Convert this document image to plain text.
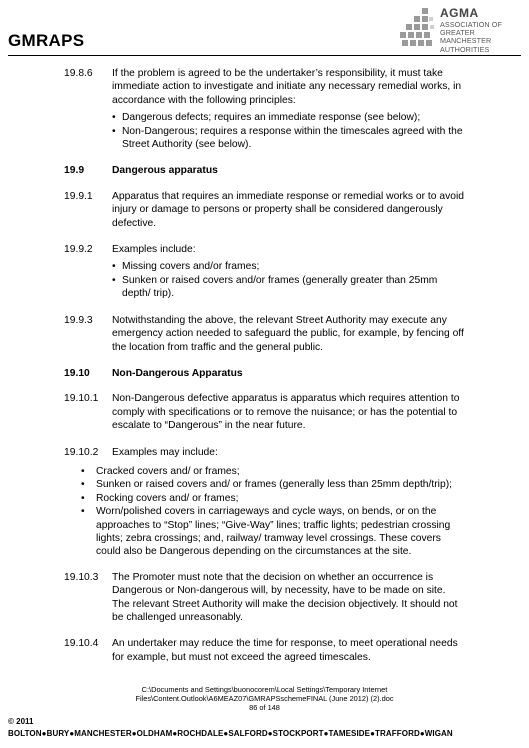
GMRAPS
AGMA
ASSOCIATION OF
GREATER MANCHESTER
AUTHORITIES
19.8.6 If the problem is agreed to be the undertaker’s responsibility, it must take immediate action to investigate and initiate any necessary remedial works, in accordance with the following principles:
• Dangerous defects; requires an immediate response (see below);
• Non-Dangerous; requires a response within the timescales agreed with the Street Authority (see below).
19.9	Dangerous apparatus
19.9.1 Apparatus that requires an immediate response or remedial works or to avoid injury or damage to persons or property shall be considered dangerously defective.
19.9.2 Examples include:
• Missing covers and/or frames;
• Sunken or raised covers and/or frames (generally greater than 25mm depth/ trip).
19.9.3 Notwithstanding the above, the relevant Street Authority may execute any emergency action needed to safeguard the public, for example, by fencing off the location from traffic and the general public.
19.10 Non-Dangerous Apparatus
19.10.1 Non-Dangerous defective apparatus is apparatus which requires attention to comply with specifications or to remove the nuisance; or has the potential to escalate to “Dangerous” in the near future.
19.10.2 Examples may include:
• Cracked covers and/ or frames;
• Sunken or raised covers and/ or frames (generally less than 25mm depth/trip);
• Rocking covers and/ or frames;
• Worn/polished covers in carriageways and cycle ways, on bends, or on the approaches to “Stop” lines; “Give-Way” lines; traffic lights; pedestrian crossing lights; zebra crossings; and, railway/ tramway level crossings. These covers could also be Dangerous depending on the circumstances at the site.
19.10.3 The Promoter must note that the decision on whether an occurrence is Dangerous or Non-dangerous will, by necessity, have to be made on site. The relevant Street Authority will make the decision objectively. It should not be challenged unreasonably.
19.10.4 An undertaker may reduce the time for response, to meet operational needs for example, but must not exceed the agreed timescales.
C:\Documents and Settings\buonocorem\Local Settings\Temporary Internet
Files\Content.Outlook\A6MEAZ07\GMRAPSschemeFINAL (June 2012) (2).doc
86 of 148
© 2011
BOLTON●BURY●MANCHESTER●OLDHAM●ROCHDALE●SALFORD●STOCKPORT●TAMESIDE●TRAFFORD●WIGAN
